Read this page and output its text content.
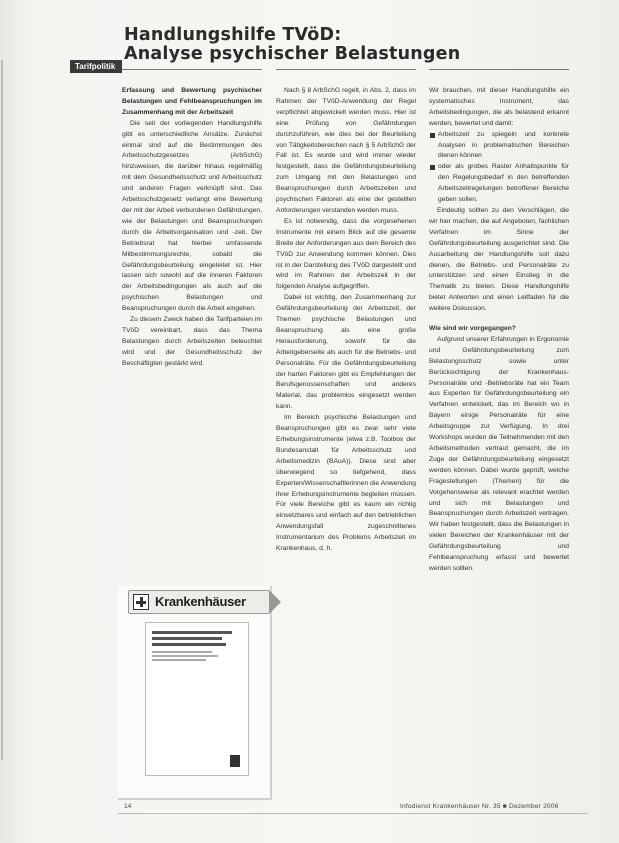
Handlungshilfe TVöD:
Analyse psychischer Belastungen
Tarifpolitik

Erfassung und Bewertung psychischer Belastungen und Fehlbeanspruchungen im Zusammenhang mit der Arbeitszeit

Die seit der vorliegenden Handlungshilfe gibt es unterschiedliche Ansätze. Zunächst einmal sind auf die Bestimmungen des Arbeitsschutzgesetzes (ArbSchG) hinzuweisen, die darüber hinaus regelmäßig mit dem Gesundheitsschutz und Arbeitsschutz und anderen Fragen verknüpft sind. Das Arbeitsschutzgesetz verlangt eine Bewertung der mit der Arbeit verbundenen Gefährdungen, wie der Belastungen und Beanspruchungen durch die Arbeitsorganisation und -zeit. Der Betriebsrat hat hierbei umfassende Mitbestimmungsrechte, sobald die Gefährdungsbeurteilung eingeleitet ist. Hier lassen sich sowohl auf die inneren Faktoren der Arbeitsbedingungen als auch auf die psychischen Belastungen und Beanspruchungen durch die Arbeit eingehen.

Zu diesem Zweck haben die Tarifparteien im TVöD vereinbart, dass das Thema Belastungen durch Arbeitszeiten beleuchtet wird und der Gesundheitsschutz der Beschäftigten gestärkt wird.

Nach § 8 ArbSchG regelt, in Abs. 2, dass im Rahmen der TVöD-Anwendung der Regel verpflichtet abgewickelt werden muss. Hier ist eine Prüfung von Gefährdungen durchzuführen, wie dies bei der Beurteilung von Tätigkeitsbereichen nach § 5 ArbSchG der Fall ist. Es wurde und wird immer wieder festgestellt, dass die Gefährdungsbeurteilung zum Umgang mit den Belastungen und Beanspruchungen durch Arbeitszeiten und psychischen Faktoren als eine der gestellten Anforderungen verstanden werden muss.

Es ist notwendig, dass die vorgesehenen Instrumente mit einem Blick auf die gesamte Breite der Anforderungen aus dem Bereich des TVöD zur Anwendung kommen können. Dies ist in der Darstellung des TVöD dargestellt und wird im Rahmen der Arbeitszeit in der folgenden Analyse aufgegriffen.

Dabei ist wichtig, den Zusammenhang zur Gefährdungsbeurteilung der Arbeitszeit, der Themen psychische Belastungen und Beanspruchung als eine große Herausforderung, sowohl für die Arbeitgeberseite als auch für die Betriebs- und Personalräte. Für die Gefährdungsbeurteilung der harten Faktoren gibt es Empfehlungen der Berufsgenossenschaften und anderes Material, das problemlos eingesetzt werden kann.

Im Bereich psychische Belastungen und Beanspruchungen gibt es zwar sehr viele Erhebungsinstrumente (etwa z.B. Toolbox der Bundesanstalt für Arbeitsschutz und Arbeitsmedizin (BAuA)). Diese sind aber überwiegend so tiefgehend, dass Experten/Wissenschaftlerinnen die Anwendung ihrer Erhebungsinstrumente begleiten müssen. Für viele Bereiche gibt es kaum ein richtig einsetzbares und einfach auf den betrieblichen Anwendungsfall zugeschnittenes Instrumentarium des Problems Arbeitszeit im Krankenhaus, d. h.

Wir brauchen, mit dieser Handlungshilfe ein systematisches Instrument, das Arbeitsbedingungen, die als belastend erkannt werden, bewertet und damit:

Arbeitszeit zu spiegeln und konkrete Analysen in problematischen Bereichen dienen können
oder als grobes Raster Anhaltspunkte für den Regelungsbedarf in den betreffenden Arbeitszeitregelungen betroffener Bereiche geben sollen.

Eindeutig sollten zu den Verschlägen, die wir hier machen, die auf Angeboten, fachlichen Verfahren im Sinne der Gefährdungsbeurteilung ausgerichtet sind. Die Ausarbeitung der Handlungshilfe soll dazu dienen, die Betriebs- und Personalräte zu unterstützen und einen Einstieg in die Thematik zu bieten. Diese Handlungshilfe bietet Antworten und einen Leitfaden für die weitere Diskussion.

Wie sind wir vorgegangen?

Aufgrund unserer Erfahrungen in Ergonomie und Gefährdungsbeurteilung zum Belastungsschutz sowie unter Berücksichtigung der Krankenhaus-Personalräte und -Betriebsräte hat ein Team aus Experten für Gefährdungsbeurteilung ein Verfahren entwickelt, das im Bereich wo in Bayern einige Personalräte für eine Arbeitsgruppe zur Verfügung. In drei Workshops wurden die Teilnehmenden mit den Arbeitsmethoden vertraut gemacht, die im Zuge der Gefährdungsbeurteilung eingesetzt werden können. Dabei wurde geprüft, welche Fragestellungen (Themen) für die Vorgehensweise als relevant erachtet werden und sich mit Belastungen und Beanspruchungen durch Arbeitszeit vertragen. Wir haben festgestellt, dass die Belastungen in vielen Bereichen der Krankenhäuser mit der Gefährdungsbeurteilung und Fehlbeanspruchung erfasst und bewertet werden sollten.

Krankenhäuser
14	Infodienst Krankenhäuser Nr. 35 ■ Dezember 2006
